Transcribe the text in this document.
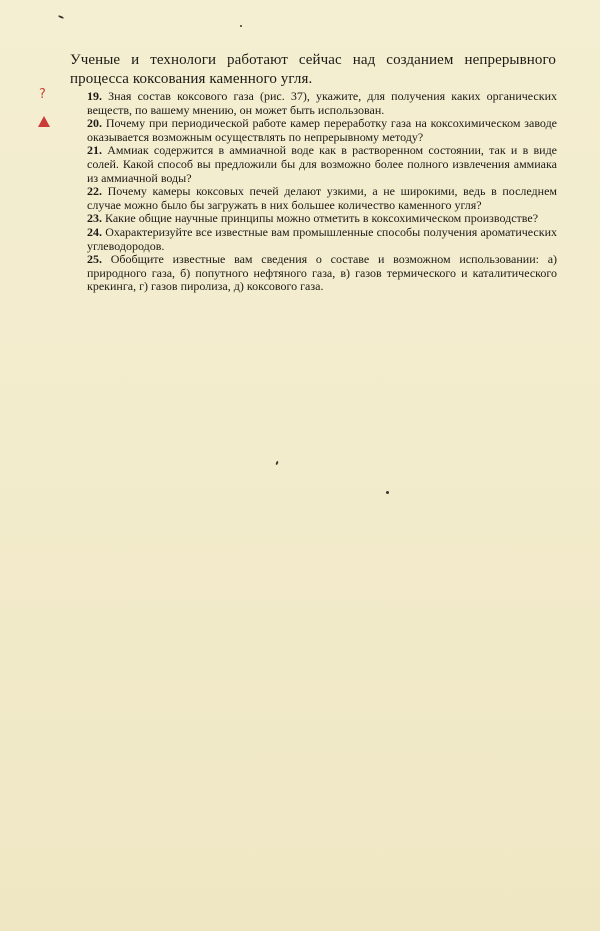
Ученые и технологи работают сейчас над созданием непрерывного процесса коксования каменного угля.

?	19. Зная состав коксового газа (рис. 37), укажите, для получения каких органических веществ, по вашему мнению, он может быть использован.

20. Почему при периодической работе камер переработку газа на коксохимическом заводе оказывается возможным осуществлять по непрерывному методу?

21. Аммиак содержится в аммиачной воде как в растворенном состоянии, так и в виде солей. Какой способ вы предложили бы для возможно более полного извлечения аммиака из аммиачной воды?

22. Почему камеры коксовых печей делают узкими, а не широкими, ведь в последнем случае можно было бы загружать в них большее количество каменного угля?

23. Какие общие научные принципы можно отметить в коксохимическом производстве?

24. Охарактеризуйте все известные вам промышленные способы получения ароматических углеводородов.

25. Обобщите известные вам сведения о составе и возможном использовании: а) природного газа, б) попутного нефтяного газа, в) газов термического и каталитического крекинга, г) газов пиролиза, д) коксового газа.
